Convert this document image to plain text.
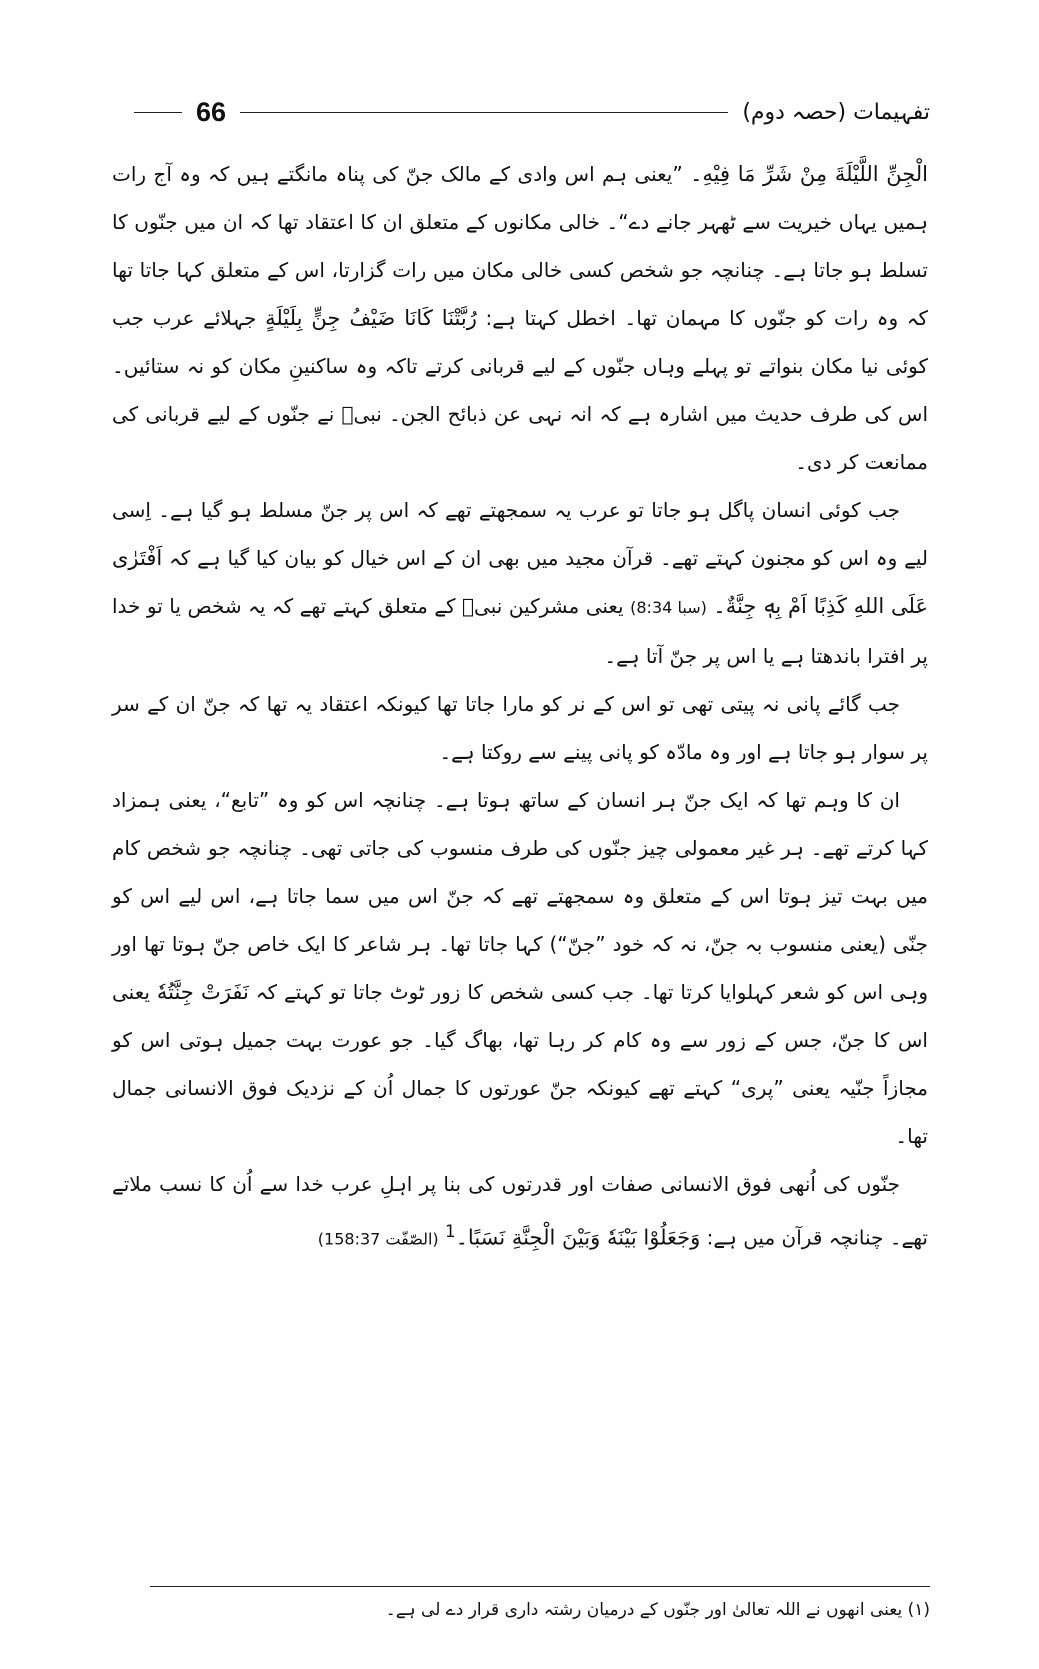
تفہیمات (حصہ دوم)
66

الْجِنِّ اللَّيْلَةَ مِنْ شَرِّ مَا فِيْهِ۔ ”یعنی ہم اس وادی کے مالک جنّ کی پناہ مانگتے ہیں کہ وہ آج رات ہمیں یہاں خیریت سے ٹھہر جانے دے“۔ خالی مکانوں کے متعلق ان کا اعتقاد تھا کہ ان میں جنّوں کا تسلط ہو جاتا ہے۔ چنانچہ جو شخص کسی خالی مکان میں رات گزارتا، اس کے متعلق کہا جاتا تھا کہ وہ رات کو جنّوں کا مہمان تھا۔ اخطل کہتا ہے: رُبَّتْنَا كَانَا ضَيْفُ جِنٍّ بِلَيْلَةٍ جہلائے عرب جب کوئی نیا مکان بنواتے تو پہلے وہاں جنّوں کے لیے قربانی کرتے تاکہ وہ ساکنینِ مکان کو نہ ستائیں۔ اس کی طرف حدیث میں اشارہ ہے کہ انہ نہی عن ذبائح الجن۔ نبیؐ نے جنّوں کے لیے قربانی کی ممانعت کر دی۔

جب کوئی انسان پاگل ہو جاتا تو عرب یہ سمجھتے تھے کہ اس پر جنّ مسلط ہو گیا ہے۔ اِسی لیے وہ اس کو مجنون کہتے تھے۔ قرآن مجید میں بھی ان کے اس خیال کو بیان کیا گیا ہے کہ اَفْتَرٰی عَلَى اللهِ كَذِبًا اَمْ بِهٖ جِنَّةٌ۔ (سبا 8:34) یعنی مشرکین نبیؐ کے متعلق کہتے تھے کہ یہ شخص یا تو خدا پر افترا باندھتا ہے یا اس پر جنّ آتا ہے۔

جب گائے پانی نہ پیتی تھی تو اس کے نر کو مارا جاتا تھا کیونکہ اعتقاد یہ تھا کہ جنّ ان کے سر پر سوار ہو جاتا ہے اور وہ مادّہ کو پانی پینے سے روکتا ہے۔

ان کا وہم تھا کہ ایک جنّ ہر انسان کے ساتھ ہوتا ہے۔ چنانچہ اس کو وہ ”تابع“، یعنی ہمزاد کہا کرتے تھے۔ ہر غیر معمولی چیز جنّوں کی طرف منسوب کی جاتی تھی۔ چنانچہ جو شخص کام میں بہت تیز ہوتا اس کے متعلق وہ سمجھتے تھے کہ جنّ اس میں سما جاتا ہے، اس لیے اس کو جنّی (یعنی منسوب بہ جنّ، نہ کہ خود ”جنّ“) کہا جاتا تھا۔ ہر شاعر کا ایک خاص جنّ ہوتا تھا اور وہی اس کو شعر کہلوایا کرتا تھا۔ جب کسی شخص کا زور ٹوٹ جاتا تو کہتے کہ نَفَرَتْ جِنَّتُهٗ یعنی اس کا جنّ، جس کے زور سے وہ کام کر رہا تھا، بھاگ گیا۔ جو عورت بہت جمیل ہوتی اس کو مجازاً جنّیہ یعنی ”پری“ کہتے تھے کیونکہ جنّ عورتوں کا جمال اُن کے نزدیک فوق الانسانی جمال تھا۔

جنّوں کی اُنھی فوق الانسانی صفات اور قدرتوں کی بنا پر اہلِ عرب خدا سے اُن کا نسب ملاتے تھے۔ چنانچہ قرآن میں ہے: وَجَعَلُوْا بَيْنَهٗ وَبَيْنَ الْجِنَّةِ نَسَبًا۔$^1$ (الصّفّت 158:37)

(۱) یعنی انھوں نے اللہ تعالیٰ اور جنّوں کے درمیان رشتہ داری قرار دے لی ہے۔
